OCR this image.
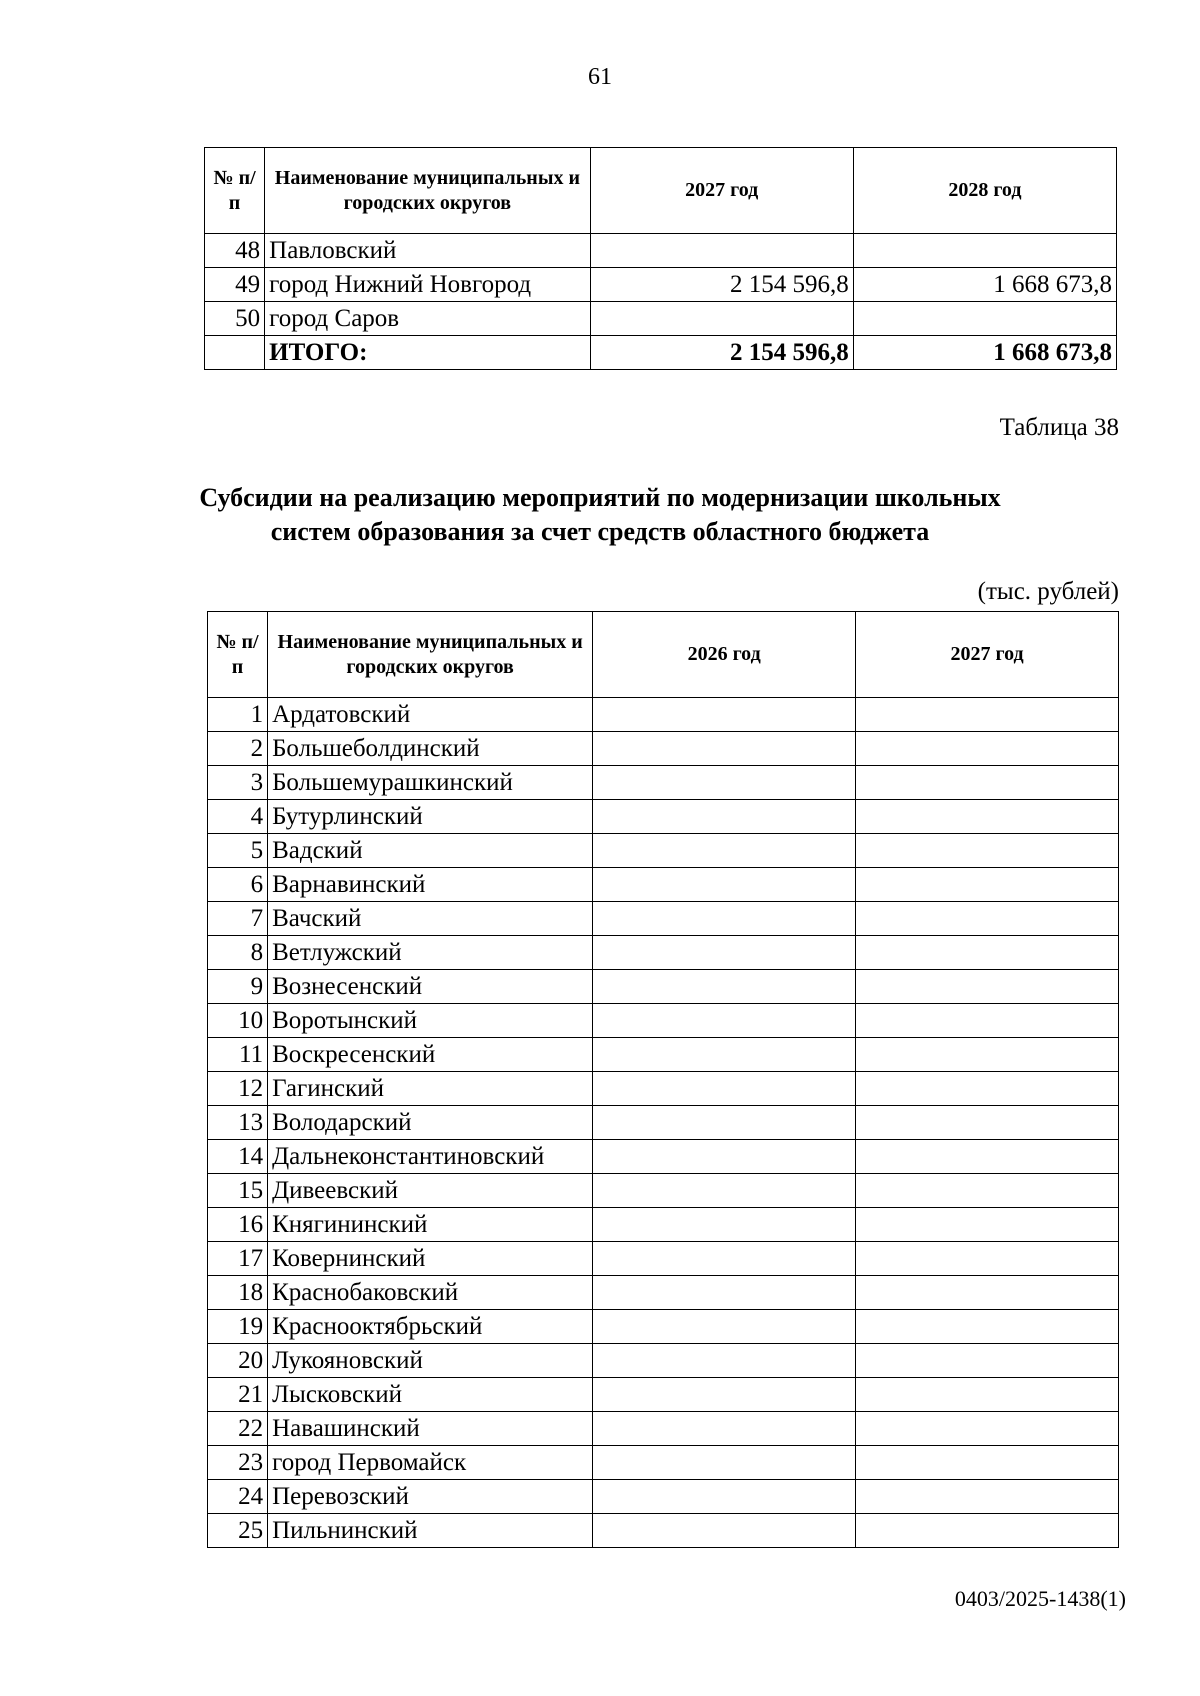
61
№ п/п	Наименование муниципальных и городских округов	2027 год	2028 год
48	Павловский		
49	город Нижний Новгород	2 154 596,8	1 668 673,8
50	город Саров		
	ИТОГО:	2 154 596,8	1 668 673,8
Таблица 38
Субсидии на реализацию мероприятий по модернизации школьных
систем образования за счет средств областного бюджета
(тыс. рублей)
№ п/п	Наименование муниципальных и городских округов	2026 год	2027 год
1	Ардатовский		
2	Большеболдинский		
3	Большемурашкинский		
4	Бутурлинский		
5	Вадский		
6	Варнавинский		
7	Вачский		
8	Ветлужский		
9	Вознесенский		
10	Воротынский		
11	Воскресенский		
12	Гагинский		
13	Володарский		
14	Дальнеконстантиновский		
15	Дивеевский		
16	Княгининский		
17	Ковернинский		
18	Краснобаковский		
19	Краснооктябрьский		
20	Лукояновский		
21	Лысковский		
22	Навашинский		
23	город Первомайск		
24	Перевозский		
25	Пильнинский		
0403/2025-1438(1)
